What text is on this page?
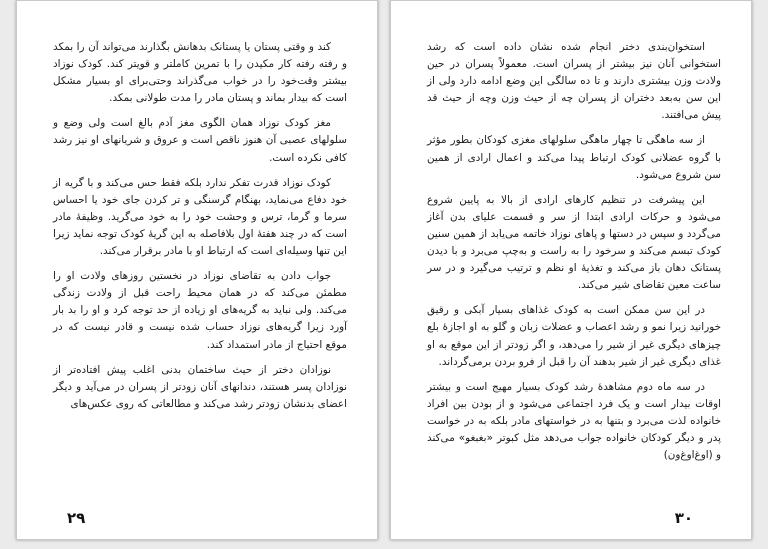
کند و وقتی پستان یا پستانک بدهانش بگذارند می‌تواند آن را بمکد و رفته رفته کار مکیدن را با تمرین کاملتر و قویتر کند. کودک نوزاد بیشتر وقت‌خود را در خواب می‌گذراند وحتی‌برای او بسیار مشکل است که بیدار بماند و پستان مادر را مدت طولانی بمکد.

مغز کودک نوزاد همان الگوی مغز آدم بالغ است ولی وضع و سلولهای عصبی آن هنوز ناقص است و عروق و شریانهای او نیز رشد کافی نکرده است.

کودک نوزاد قدرت تفکر ندارد بلکه فقط حس می‌کند و با گریه از خود دفاع می‌نماید، بهنگام گرسنگی و تر کردن جای خود یا احساس سرما و گرما، ترس و وحشت خود را به خود می‌گرید. وظیفهٔ مادر است که در چند هفتهٔ اول بلافاصله به این گریهٔ کودک توجه نماید زیرا این تنها وسیله‌ای است که ارتباط او با مادر برقرار می‌کند.

جواب دادن به تقاضای نوزاد در نخستین روزهای ولادت او را مطمئن می‌کند که در همان محیط راحت قبل از ولادت زندگی می‌کند. ولی نباید به گریه‌های او زیاده از حد توجه کرد و او را بد بار آورد زیرا گریه‌های نوزاد حساب شده نیست و قادر نیست که در موقع احتیاج از مادر استمداد کند.

نوزادان دختر از حیث ساختمان بدنی اغلب پیش افتاده‌تر از نوزادان پسر هستند، دندانهای آنان زودتر از پسران در می‌آید و دیگر اعضای بدنشان زودتر رشد می‌کند و مطالعاتی که روی عکس‌های

۲۹

استخوان‌بندی دختر انجام شده نشان داده است که رشد استخوانی آنان نیز بیشتر از پسران است. معمولاً پسران در حین ولادت وزن بیشتری دارند و تا ده سالگی این وضع ادامه دارد ولی از این سن به‌بعد دختران از پسران چه از حیث وزن وچه از حیث قد پیش می‌افتند.

از سه ماهگی تا چهار ماهگی سلولهای مغزی کودکان بطور مؤثر با گروه عضلانی کودک ارتباط پیدا می‌کند و اعمال ارادی از همین سن شروع می‌شود.

این پیشرفت در تنظیم کارهای ارادی از بالا به پایین شروع می‌شود و حرکات ارادی ابتدا از سر و قسمت علیای بدن آغاز می‌گردد و سپس در دستها و پاهای نوزاد خاتمه می‌یابد از همین سنین کودک تبسم می‌کند و سرخود را به راست و به‌چپ می‌برد و با دیدن پستانک دهان باز می‌کند و تغذیهٔ او نظم و ترتیب می‌گیرد و در سر ساعت معین تقاضای شیر می‌کند.

در این سن ممکن است به کودک غذاهای بسیار آبکی و رقیق خورانید زیرا نمو و رشد اعصاب و عضلات زبان و گلو به او اجازهٔ بلع چیزهای دیگری غیر از شیر را می‌دهد، و اگر زودتر از این موقع به او غذای دیگری غیر از شیر بدهند آن را قبل از فرو بردن برمی‌گرداند.

در سه ماه دوم مشاهدهٔ رشد کودک بسیار مهیج است و بیشتر اوقات بیدار است و یک فرد اجتماعی می‌شود و از بودن بین افراد خانواده لذت می‌برد و بتنها به در خواستهای مادر بلکه به در خواست پدر و دیگر کودکان خانواده جواب می‌دهد مثل کبوتر «بغبغو» می‌کند و (اوغ‌اوغ‌ون)

۳۰
